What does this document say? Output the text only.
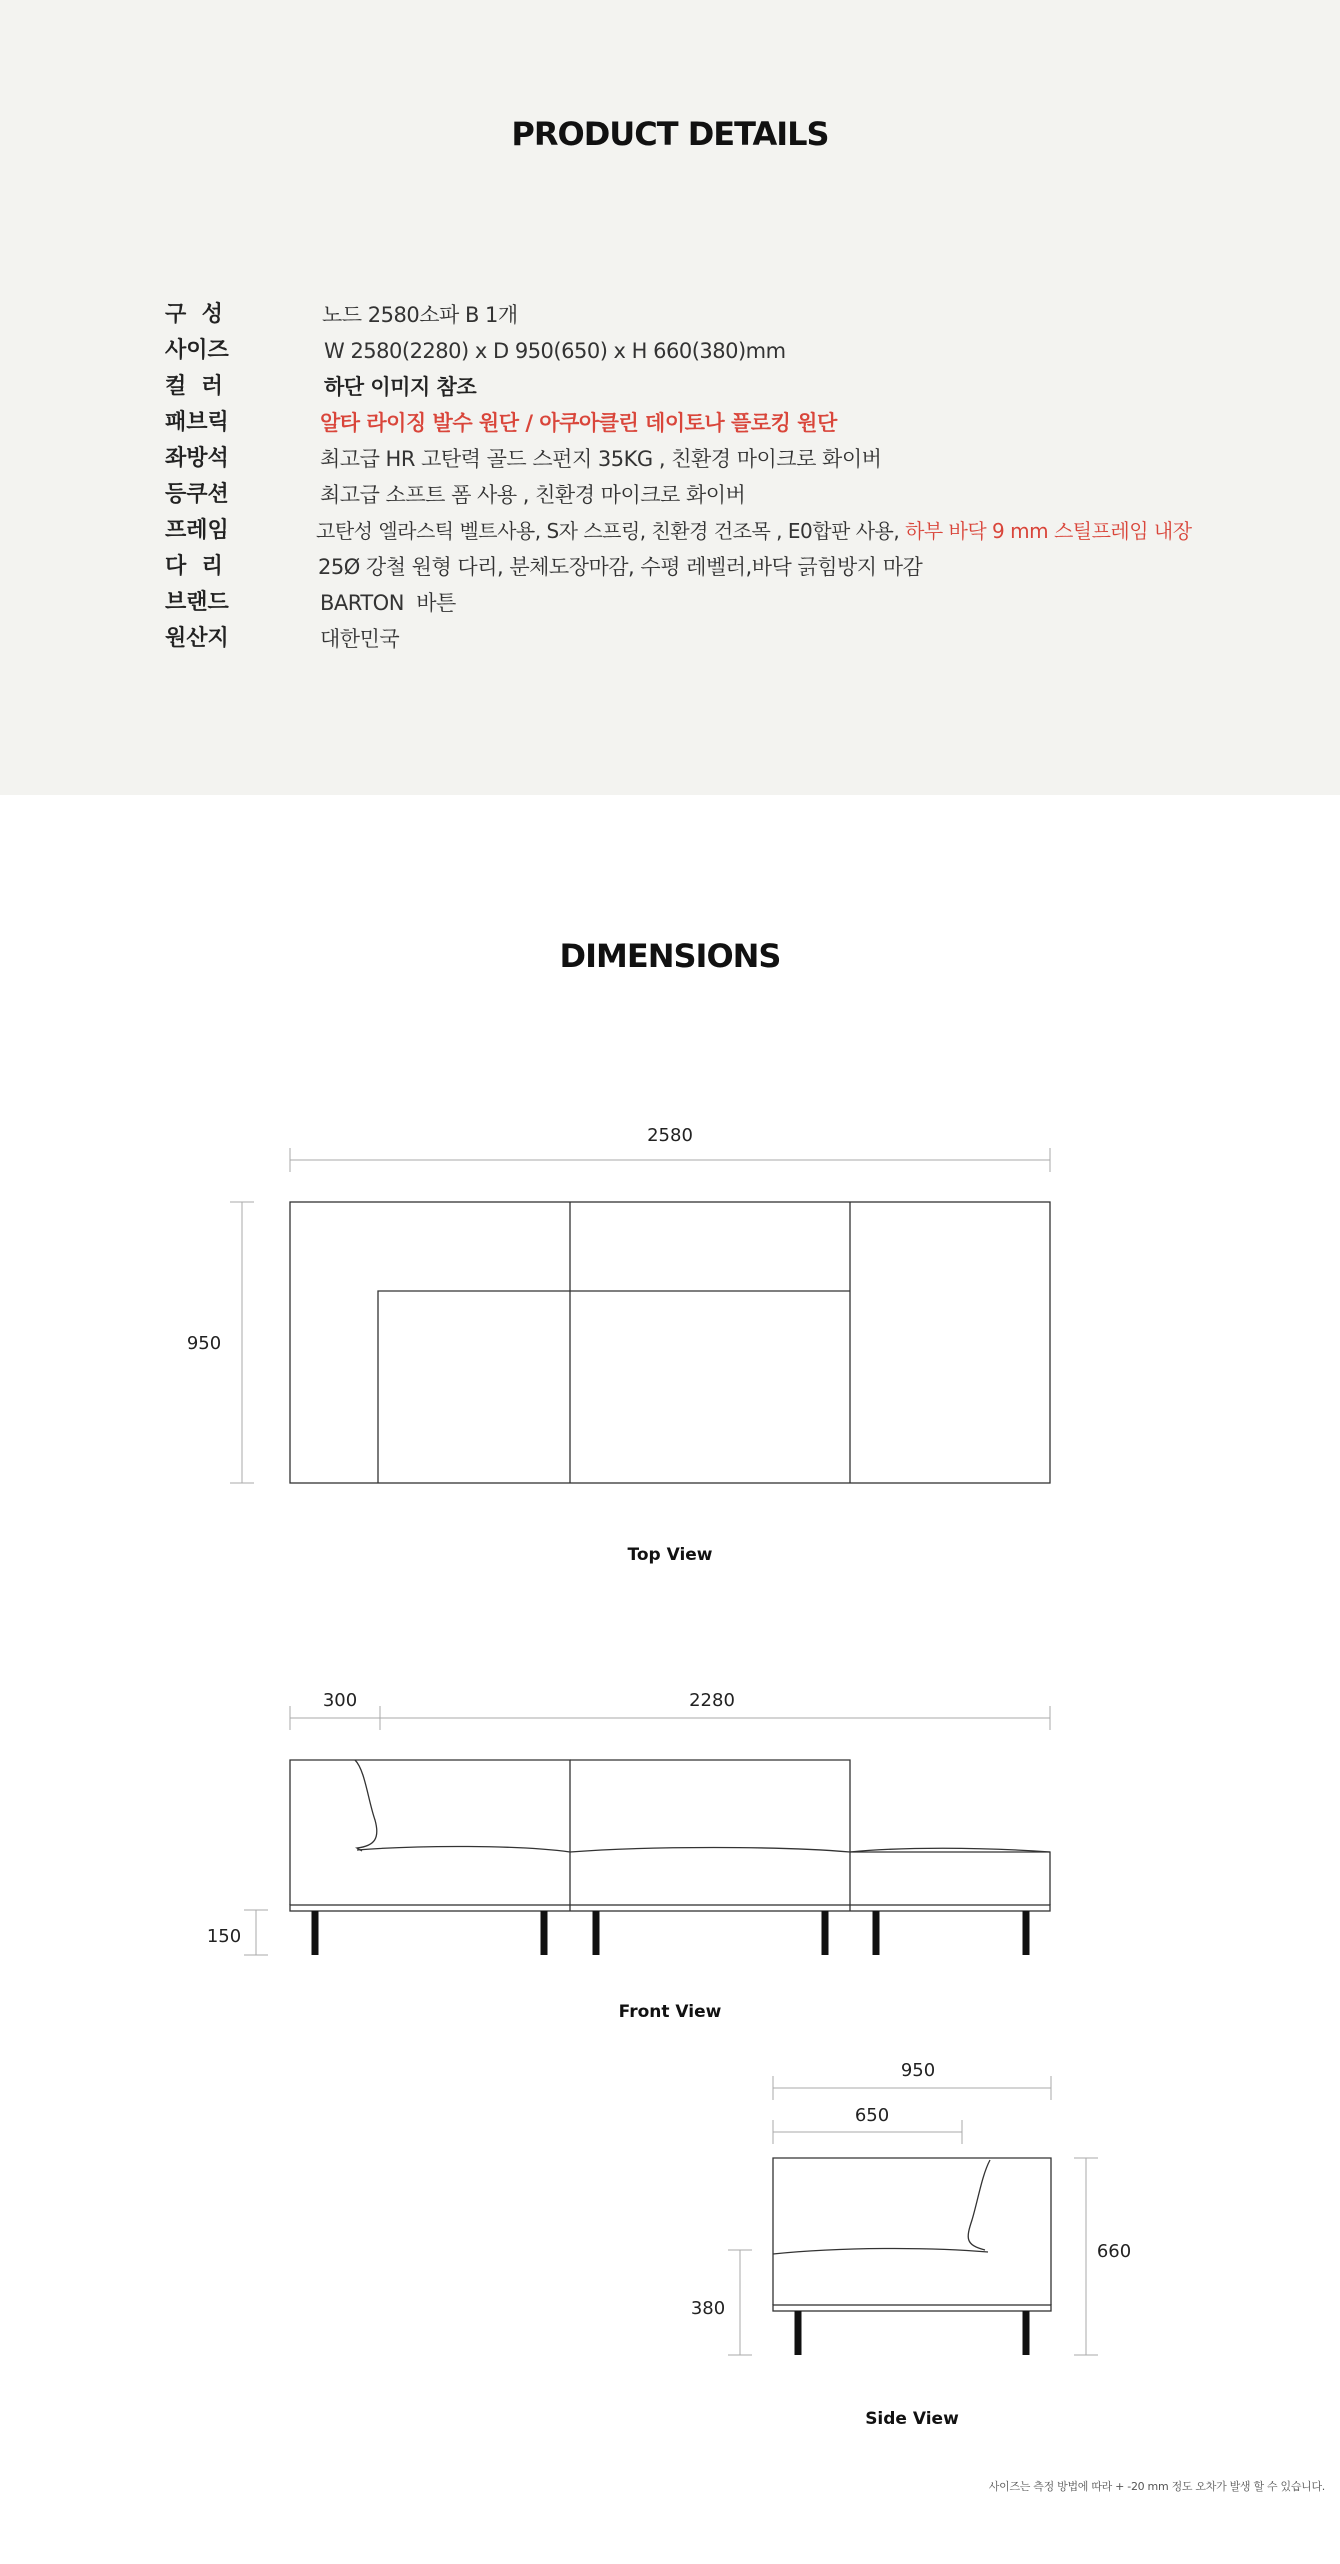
PRODUCT DETAILS
구  성	노드 2580소파 B 1개
사이즈	W 2580(2280) x D 950(650) x H 660(380)mm
컬  러	하단 이미지 참조
패브릭	알타 라이징 발수 원단 / 아쿠아클린 데이토나 플로킹 원단
좌방석	최고급 HR 고탄력 골드 스펀지 35KG , 친환경 마이크로 화이버
등쿠션	최고급 소프트 폼 사용 , 친환경 마이크로 화이버
프레임	고탄성 엘라스틱 벨트사용, S자 스프링, 친환경 건조목 , E0합판 사용, 하부 바닥 9 mm 스틸프레임 내장
다  리	25Ø 강철 원형 다리, 분체도장마감, 수평 레벨러,바닥 긁힘방지 마감
브랜드	BARTON  바튼
원산지	대한민국
DIMENSIONS
2580
950
Top View
300	2280
150
Front View
950
650
660
380
Side View
사이즈는 측정 방법에 따라 + -20 mm 정도 오차가 발생 할 수 있습니다.
